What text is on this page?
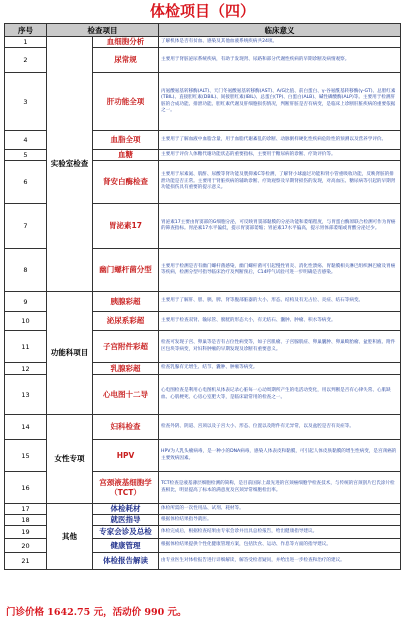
体检项目（四）
序号	检查项目		临床意义
1	实验室检查	血细胞分析	了解机体是否有贫血、感染及其他血液系统疾病共24项。
2		尿常规	主要用于肾脏泌尿系统疾病，有助于发现肾、尿路和部分代谢性疾病的早期诊断及病情观察。
3		肝功能全项	丙氨酸氨基转移酶(ALT)、天门冬氨酸氨基转移酶(AST)、A/G比值、前白蛋白、γ-谷氨酰基转移酶(γ-GT)、总胆红素(TBIL)、直接胆红素(DBIL)、间接胆红素(IBIL)、总蛋白(TP)、白蛋白(ALB)、碱性磷酸酶(ALP)等。主要用于检测肝脏的合成功能、排泄功能、胆红素代谢及肝细胞损伤情况，判断肝脏是否有病变，是临床上诊断肝脏疾病的重要依据之一。
4		血脂全项	主要用于了解血液中血脂含量，用于血脂代谢紊乱的诊断、动脉粥样硬化性疾病危险性的预测以及营养学评价。
5		血糖	主要用于评价人体糖代谢功能状态的重要指标，主要用于糖尿病的诊断、疗效评价等。
6		肾安白酶检查	主要用于尿素氮、肌酐、尿酸等肾功能及胱抑素C等检测，了解肾小球滤过功能和肾小管重吸收功能，反映肾脏的排泄功能是否正常。主要用于肾脏疾病的辅助诊断、疗效观察及早期肾损伤的发现，对高血压、糖尿病等引起的早期肾功能损伤具有重要的提示意义。
7		胃泌素17	胃泌素17主要由胃窦部的G细胞分泌，可反映胃窦部黏膜的分泌功能和萎缩程度，与胃蛋白酶原联合检测可作为胃癌的筛查指标。胃泌素17水平偏低，提示胃窦部萎缩；胃泌素17水平偏高，提示胃体部萎缩或胃酸分泌过少。
8		幽门螺杆菌分型	主要用于检测是否有幽门螺杆菌感染，幽门螺杆菌可引起慢性胃炎、消化性溃疡、胃黏膜相关淋巴组织淋巴瘤及胃癌等疾病，检测分型可指导临床治疗及判断预后，C14呼气试验可进一步明确是否感染。
9	功能科项目	胰腺彩超	主要用于了解肝、胆、胰、脾、肾等腹部脏器的大小、形态、结构及有无占位、炎症、结石等病变。
10		泌尿系彩超	主要用于检查双肾、输尿管、膀胱的形态大小，有无结石、囊肿、肿瘤、积水等病变。
11		子宫附件彩超	检查可发现子宫、卵巢等是否有占位性病变等，如子宫肌瘤、子宫腺肌症、卵巢囊肿、卵巢畸胎瘤、盆腔积液、附件区包块等病变，对妇科肿瘤的早期发现及诊断有重要意义。
12		乳腺彩超	检查乳腺有无增生、结节、囊肿、肿瘤等病变。
13		心电图十二导	心电图检查是利用心电图机从体表记录心脏每一心动周期所产生的电活动变化，用以判断是否有心律失常、心肌缺血、心肌梗死、心房心室肥大等，是临床最常用的检查之一。
14	女性专项	妇科检查	检查外阴、阴道、宫颈以及子宫大小、形态、位置以及附件有无异常，以及盆腔是否有炎症等。
15		HPV	HPV为人乳头瘤病毒，是一种小的DNA病毒，感染人体表皮和黏膜，可引起人体皮肤黏膜的增生性病变，是宫颈癌的主要致病因素。
16		宫颈液基细胞学（TCT）	TCT检查是液基薄层细胞检测的简称，是目前国际上最先进的宫颈癌细胞学检查技术，与传统的宫颈刮片巴氏涂片检查相比，明显提高了标本的满意度及宫颈异常细胞检出率。
17	其他	体检耗材	体检所需的一次性用品、试剂、耗材等。
18		就医指导	根据体检结果指导就医。
19		专家会诊及总检	体检完成后，根据检查结果由专家会诊并出具总检报告，给出健康指导建议。
20		健康管理	根据体检结果提供个性化健康管理方案，包括饮食、运动、作息等方面的指导建议。
21		体检报告解读	由专业医生对体检报告进行详细解读，解答受检者疑问，并给出进一步检查和治疗的建议。
门诊价格 1642.75 元，活动价 990 元。
